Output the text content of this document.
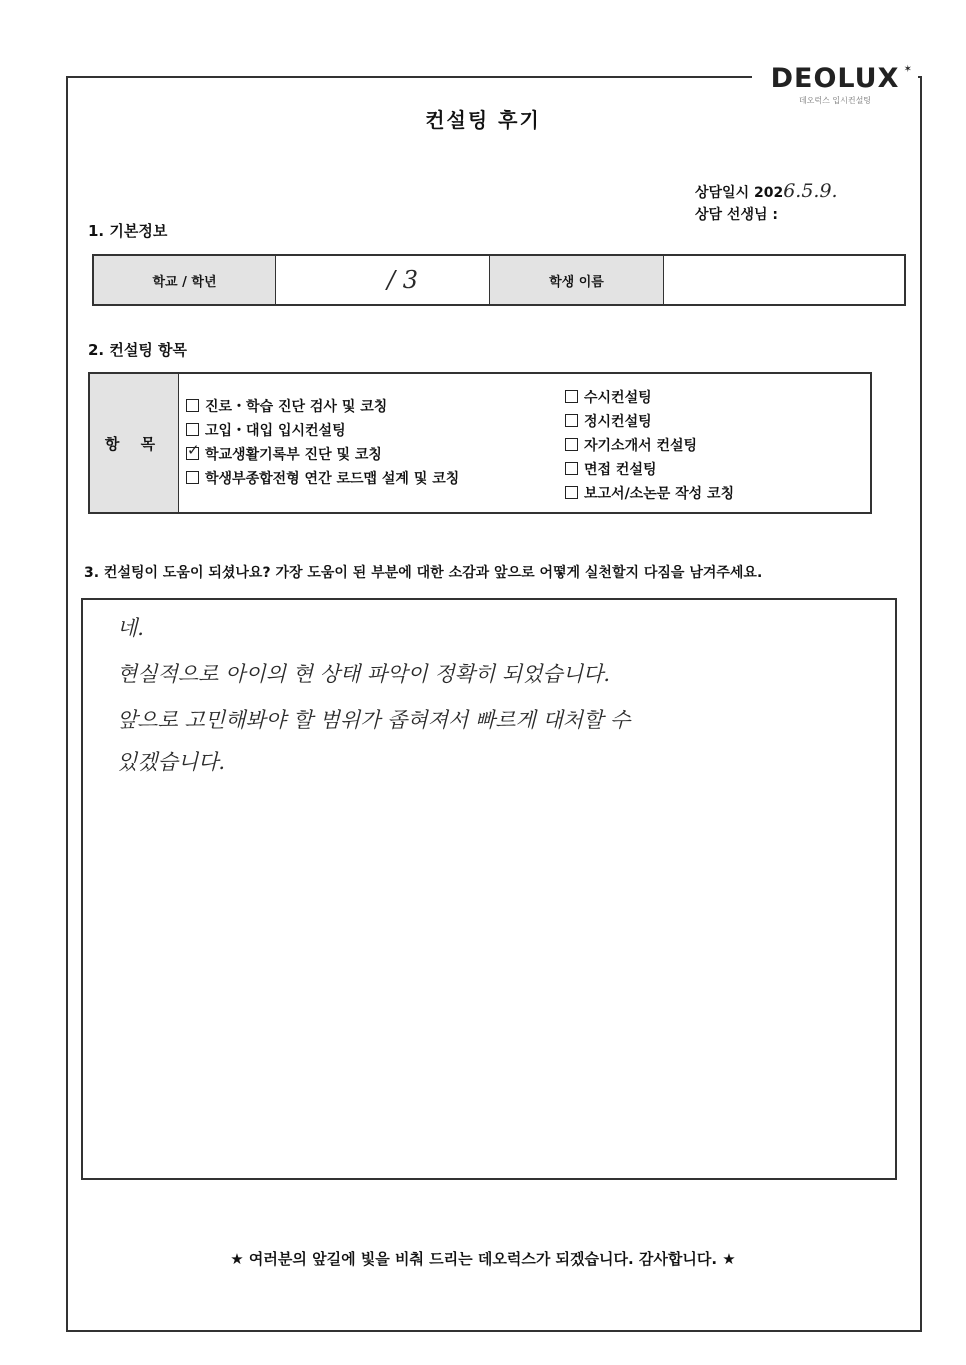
DEOLUX ✶
데오럭스 입시컨설팅
컨설팅 후기
상담일시 2026.5.9.
상담 선생님 :
1. 기본정보
학교 / 학년	/ 3	학생 이름
2. 컨설팅 항목
항 목
진로・학습 진단 검사 및 코칭
고입・대입 입시컨설팅
✓학교생활기록부 진단 및 코칭
학생부종합전형 연간 로드맵 설계 및 코칭
수시컨설팅
정시컨설팅
자기소개서 컨설팅
면접 컨설팅
보고서/소논문 작성 코칭
3. 컨설팅이 도움이 되셨나요? 가장 도움이 된 부분에 대한 소감과 앞으로 어떻게 실천할지 다짐을 남겨주세요.
네.
현실적으로 아이의 현 상태 파악이 정확히 되었습니다.
앞으로 고민해봐야 할 범위가 좁혀져서 빠르게 대처할 수
있겠습니다.
★ 여러분의 앞길에 빛을 비춰 드리는 데오럭스가 되겠습니다. 감사합니다. ★
